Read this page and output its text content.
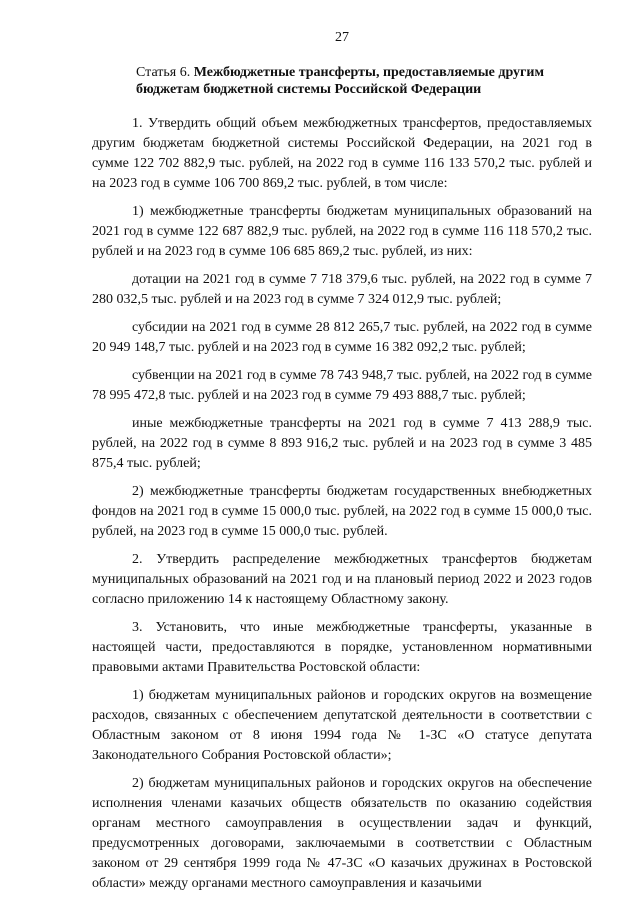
27
Статья 6. Межбюджетные трансферты, предоставляемые другим бюджетам бюджетной системы Российской Федерации

1. Утвердить общий объем межбюджетных трансфертов, предоставляемых другим бюджетам бюджетной системы Российской Федерации, на 2021 год в сумме 122 702 882,9 тыс. рублей, на 2022 год в сумме 116 133 570,2 тыс. рублей и на 2023 год в сумме 106 700 869,2 тыс. рублей, в том числе:

1) межбюджетные трансферты бюджетам муниципальных образований на 2021 год в сумме 122 687 882,9 тыс. рублей, на 2022 год в сумме 116 118 570,2 тыс. рублей и на 2023 год в сумме 106 685 869,2 тыс. рублей, из них:

дотации на 2021 год в сумме 7 718 379,6 тыс. рублей, на 2022 год в сумме 7 280 032,5 тыс. рублей и на 2023 год в сумме 7 324 012,9 тыс. рублей;

субсидии на 2021 год в сумме 28 812 265,7 тыс. рублей, на 2022 год в сумме 20 949 148,7 тыс. рублей и на 2023 год в сумме 16 382 092,2 тыс. рублей;

субвенции на 2021 год в сумме 78 743 948,7 тыс. рублей, на 2022 год в сумме 78 995 472,8 тыс. рублей и на 2023 год в сумме 79 493 888,7 тыс. рублей;

иные межбюджетные трансферты на 2021 год в сумме 7 413 288,9 тыс. рублей, на 2022 год в сумме 8 893 916,2 тыс. рублей и на 2023 год в сумме 3 485 875,4 тыс. рублей;

2) межбюджетные трансферты бюджетам государственных внебюджетных фондов на 2021 год в сумме 15 000,0 тыс. рублей, на 2022 год в сумме 15 000,0 тыс. рублей, на 2023 год в сумме 15 000,0 тыс. рублей.

2. Утвердить распределение межбюджетных трансфертов бюджетам муниципальных образований на 2021 год и на плановый период 2022 и 2023 годов согласно приложению 14 к настоящему Областному закону.

3. Установить, что иные межбюджетные трансферты, указанные в настоящей части, предоставляются в порядке, установленном нормативными правовыми актами Правительства Ростовской области:

1) бюджетам муниципальных районов и городских округов на возмещение расходов, связанных с обеспечением депутатской деятельности в соответствии с Областным законом от 8 июня 1994 года № 1-ЗС «О статусе депутата Законодательного Собрания Ростовской области»;

2) бюджетам муниципальных районов и городских округов на обеспечение исполнения членами казачьих обществ обязательств по оказанию содействия органам местного самоуправления в осуществлении задач и функций, предусмотренных договорами, заключаемыми в соответствии с Областным законом от 29 сентября 1999 года № 47-ЗС «О казачьих дружинах в Ростовской области» между органами местного самоуправления и казачьими
